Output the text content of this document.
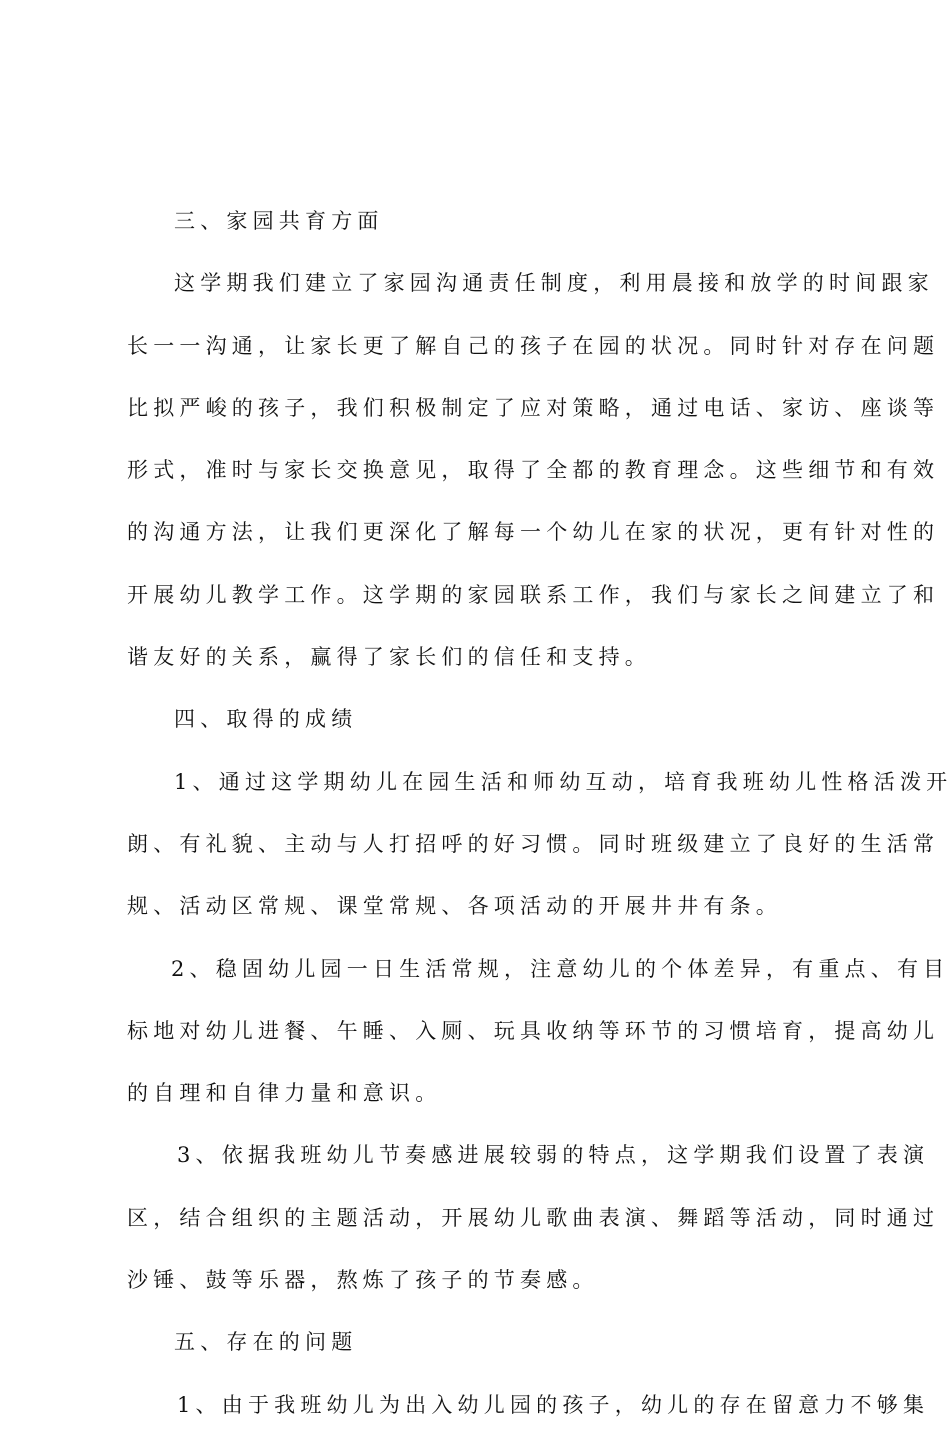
三、家园共育方面
这学期我们建立了家园沟通责任制度，利用晨接和放学的时间跟家
长一一沟通，让家长更了解自己的孩子在园的状况。同时针对存在问题
比拟严峻的孩子，我们积极制定了应对策略，通过电话、家访、座谈等
形式，准时与家长交换意见，取得了全都的教育理念。这些细节和有效
的沟通方法，让我们更深化了解每一个幼儿在家的状况，更有针对性的
开展幼儿教学工作。这学期的家园联系工作，我们与家长之间建立了和
谐友好的关系，赢得了家长们的信任和支持。
四、取得的成绩
1、通过这学期幼儿在园生活和师幼互动，培育我班幼儿性格活泼开
朗、有礼貌、主动与人打招呼的好习惯。同时班级建立了良好的生活常
规、活动区常规、课堂常规、各项活动的开展井井有条。
2、稳固幼儿园一日生活常规，注意幼儿的个体差异，有重点、有目
标地对幼儿进餐、午睡、入厕、玩具收纳等环节的习惯培育，提高幼儿
的自理和自律力量和意识。
3、依据我班幼儿节奏感进展较弱的特点，这学期我们设置了表演
区，结合组织的主题活动，开展幼儿歌曲表演、舞蹈等活动，同时通过
沙锤、鼓等乐器，熬炼了孩子的节奏感。
五、存在的问题
1、由于我班幼儿为出入幼儿园的孩子，幼儿的存在留意力不够集
